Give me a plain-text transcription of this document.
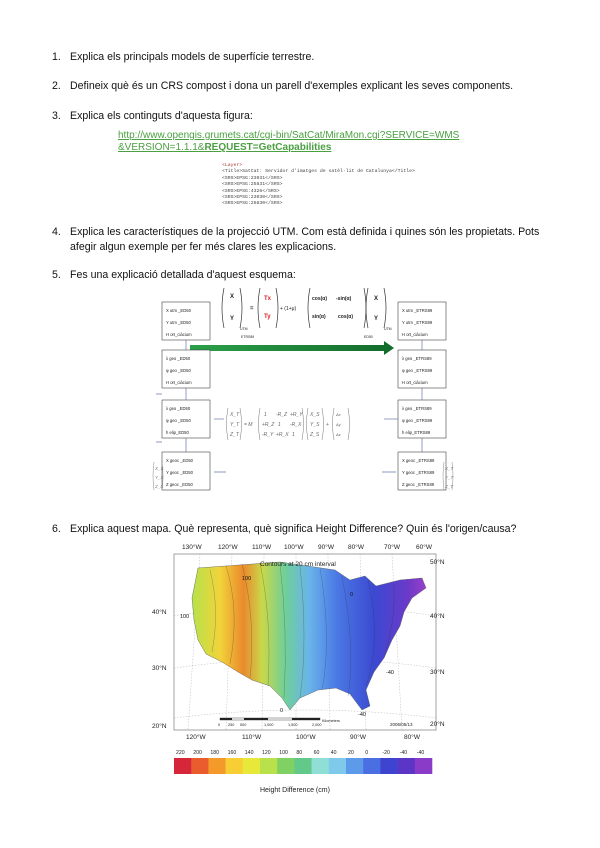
1. Explica els principals models de superfície terrestre.
2. Defineix què és un CRS compost i dona un parell d'exemples explicant les seves components.
3. Explica els continguts d'aquesta figura:
http://www.opengis.grumets.cat/cgi-bin/SatCat/MiraMon.cgi?SERVICE=WMS
&VERSION=1.1.1&REQUEST=GetCapabilities
<Layer>
<Title>SatCat: Servidor d'imatges de satèl·lit de Catalunya</Title>
<SRS>EPSG:23031</SRS>
<SRS>EPSG:25831</SRS>
<SRS>EPSG:4326</SRS>
<SRS>EPSG:23030</SRS>
<SRS>EPSG:25830</SRS>
4. Explica les característiques de la projecció UTM. Com està definida i quines són les propietats. Pots afegir algun exemple per fer més clares les explicacions.
5. Fes una explicació detallada d'aquest esquema:
X
Y
UTM
ETRS89
=
Tx
Ty
+ (1+μ)
cos(α) -sin(α)
sin(α) cos(α)
X
Y
UTM
ED50
X utm _ED50
Y utm _ED50
H ort_ciàcium
λ geo _ED50
φ geo _ED50
H ort_ciàcium
λ geo _ED50
φ geo _ED50
h elip_ED50
X geoc _ED50
Y geoc _ED50
Z geoc _ED50
X utm _ETRS89
Y utm _ETRS89
H ort_ciàcium
λ geo _ETRS89
φ geo _ETRS89
H ort_ciàcium
λ geo _ETRS89
φ geo _ETRS89
h elip_ETRS89
X geoc _ETRS89
Y geoc _ETRS89
Z geoc _ETRS89
X_T
Y_T
Z_T
= M
1 -R_Z +R_Y
+R_Z 1 -R_X
-R_Y +R_X 1
X_S
Y_S
Z_S
+
Δx
Δy
Δz
X_S
Y_S
Z_S
X_T
Y_T
Z_T
6. Explica aquest mapa. Què representa, què significa Height Difference? Quin és l'origen/causa?
130°W	120°W 110°W 100°W 90°W 80°W	70°W 60°W
Contours at 20 cm interval
100
100
0
-40
-40
0
40°N
30°N
20°N
50°N
40°N
30°N
20°N
0 250 500	1,000	1,500	2,000
Kilometers
2006/05/13
120°W	110°W	100°W	90°W	80°W
220 200 180 160 140 120 100 80 60 40 20 0	-20 -40 -40
Height Difference (cm)
